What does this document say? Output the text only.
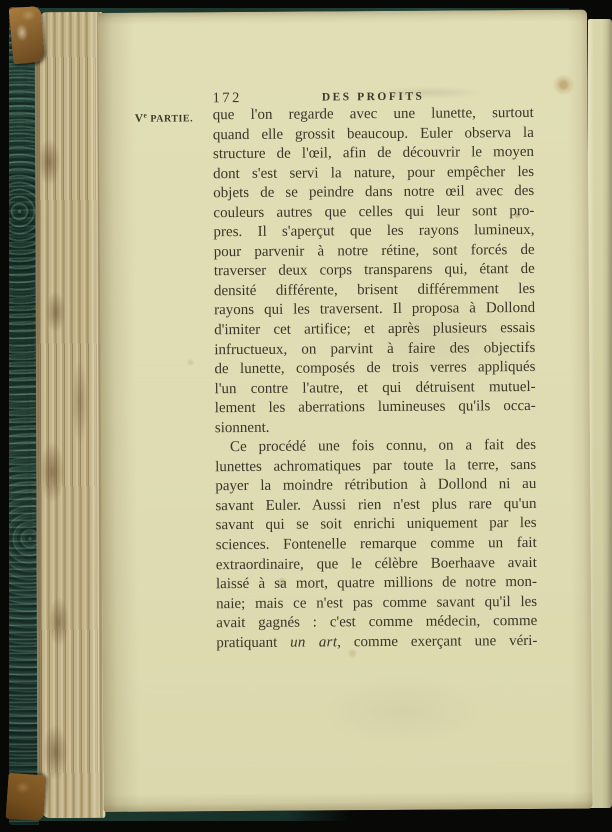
172	DES PROFITS
Ve PARTIE.	que l'on regarde avec une lunette, surtout
quand elle grossit beaucoup. Euler observa la
structure de l'œil, afin de découvrir le moyen
dont s'est servi la nature, pour empêcher les
objets de se peindre dans notre œil avec des
couleurs autres que celles qui leur sont pro-
pres. Il s'aperçut que les rayons lumineux,
pour parvenir à notre rétine, sont forcés de
traverser deux corps transparens qui, étant de
densité différente, brisent différemment les
rayons qui les traversent. Il proposa à Dollond
d'imiter cet artifice; et après plusieurs essais
infructueux, on parvint à faire des objectifs
de lunette, composés de trois verres appliqués
l'un contre l'autre, et qui détruisent mutuel-
lement les aberrations lumineuses qu'ils occa-
sionnent.
Ce procédé une fois connu, on a fait des
lunettes achromatiques par toute la terre, sans
payer la moindre rétribution à Dollond ni au
savant Euler. Aussi rien n'est plus rare qu'un
savant qui se soit enrichi uniquement par les
sciences. Fontenelle remarque comme un fait
extraordinaire, que le célèbre Boerhaave avait
laissé à sa mort, quatre millions de notre mon-
naie; mais ce n'est pas comme savant qu'il les
avait gagnés : c'est comme médecin, comme
pratiquant un art, comme exerçant une véri-
